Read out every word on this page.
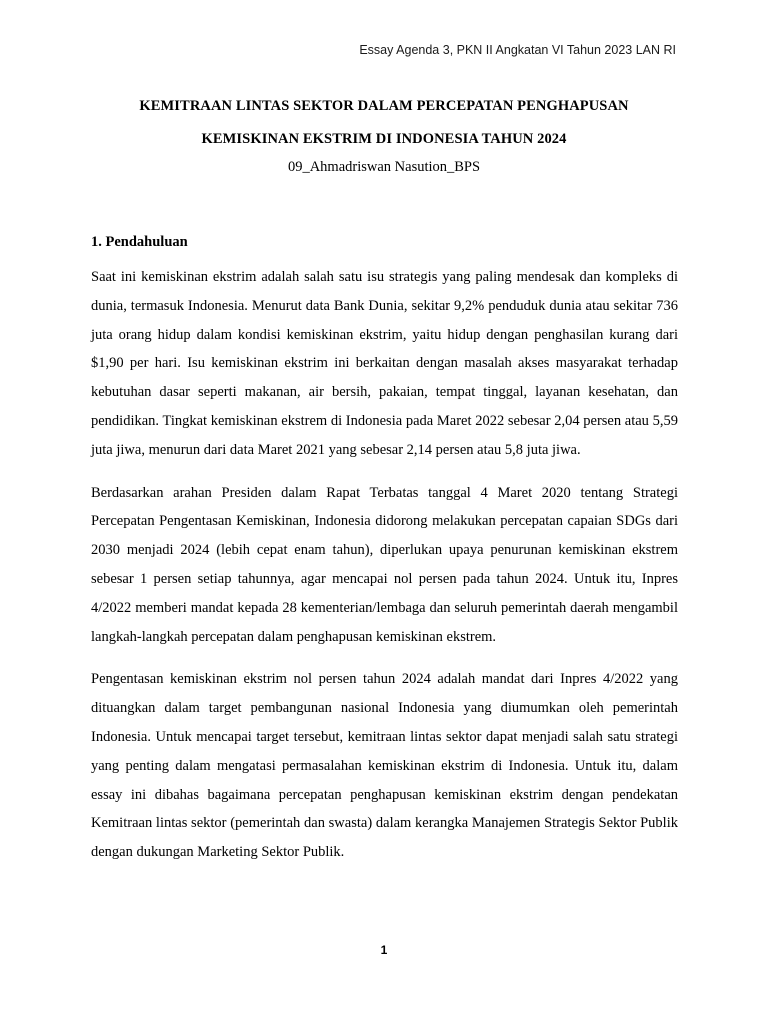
Essay Agenda 3, PKN II Angkatan VI Tahun 2023 LAN RI
KEMITRAAN LINTAS SEKTOR DALAM PERCEPATAN PENGHAPUSAN
KEMISKINAN EKSTRIM DI INDONESIA TAHUN 2024
09_Ahmadriswan Nasution_BPS
1. Pendahuluan

Saat ini kemiskinan ekstrim adalah salah satu isu strategis yang paling mendesak dan kompleks di dunia, termasuk Indonesia. Menurut data Bank Dunia, sekitar 9,2% penduduk dunia atau sekitar 736 juta orang hidup dalam kondisi kemiskinan ekstrim, yaitu hidup dengan penghasilan kurang dari $1,90 per hari. Isu kemiskinan ekstrim ini berkaitan dengan masalah akses masyarakat terhadap kebutuhan dasar seperti makanan, air bersih, pakaian, tempat tinggal, layanan kesehatan, dan pendidikan. Tingkat kemiskinan ekstrem di Indonesia pada Maret 2022 sebesar 2,04 persen atau 5,59 juta jiwa, menurun dari data Maret 2021 yang sebesar 2,14 persen atau 5,8 juta jiwa.

Berdasarkan arahan Presiden dalam Rapat Terbatas tanggal 4 Maret 2020 tentang Strategi Percepatan Pengentasan Kemiskinan, Indonesia didorong melakukan percepatan capaian SDGs dari 2030 menjadi 2024 (lebih cepat enam tahun), diperlukan upaya penurunan kemiskinan ekstrem sebesar 1 persen setiap tahunnya, agar mencapai nol persen pada tahun 2024. Untuk itu, Inpres 4/2022 memberi mandat kepada 28 kementerian/lembaga dan seluruh pemerintah daerah mengambil langkah-langkah percepatan dalam penghapusan kemiskinan ekstrem.

Pengentasan kemiskinan ekstrim nol persen tahun 2024 adalah mandat dari Inpres 4/2022 yang dituangkan dalam target pembangunan nasional Indonesia yang diumumkan oleh pemerintah Indonesia. Untuk mencapai target tersebut, kemitraan lintas sektor dapat menjadi salah satu strategi yang penting dalam mengatasi permasalahan kemiskinan ekstrim di Indonesia. Untuk itu, dalam essay ini dibahas bagaimana percepatan penghapusan kemiskinan ekstrim dengan pendekatan Kemitraan lintas sektor (pemerintah dan swasta) dalam kerangka Manajemen Strategis Sektor Publik dengan dukungan Marketing Sektor Publik.

1
